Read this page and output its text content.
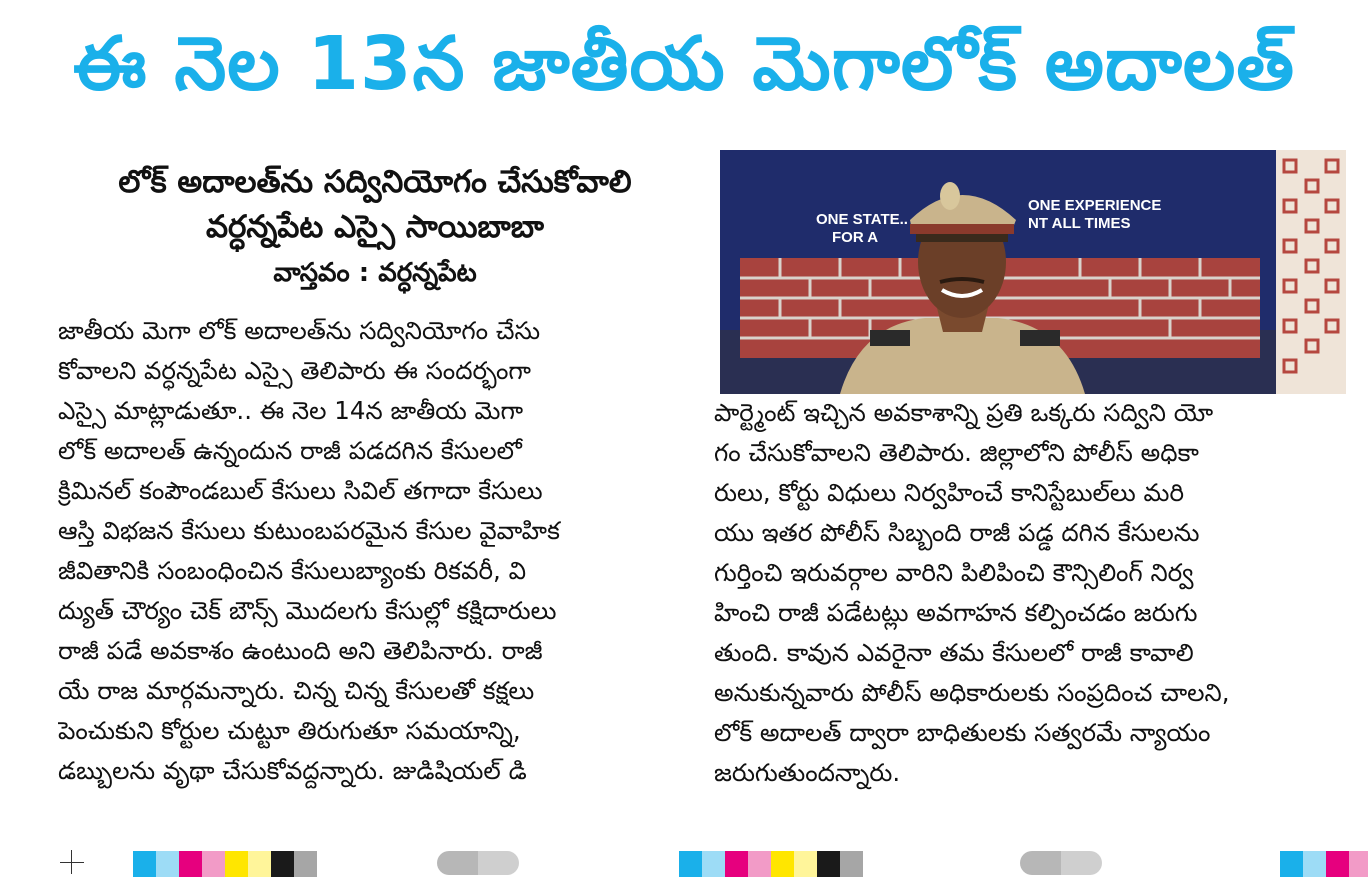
ఈ నెల 13న జాతీయ మెగాలోక్ అదాలత్
లోక్ అదాలత్‌ను సద్వినియోగం చేసుకోవాలి
వర్ధన్నపేట ఎస్సై సాయిబాబా
వాస్తవం : వర్ధన్నపేట
జాతీయ మెగా లోక్ అదాలత్‌ను సద్వినియోగం చేసు
కోవాలని వర్ధన్నపేట ఎస్సై తెలిపారు ఈ సందర్భంగా
ఎస్సై మాట్లాడుతూ.. ఈ నెల 14న జాతీయ మెగా
లోక్ అదాలత్ ఉన్నందున రాజీ పడదగిన కేసులలో
క్రిమినల్ కంపౌండబుల్ కేసులు సివిల్ తగాదా కేసులు
ఆస్తి విభజన కేసులు కుటుంబపరమైన కేసుల వైవాహిక
జీవితానికి సంబంధించిన కేసులుబ్యాంకు రికవరీ, వి
ద్యుత్ చౌర్యం చెక్ బౌన్స్ మొదలగు కేసుల్లో కక్షిదారులు
రాజీ పడే అవకాశం ఉంటుంది అని తెలిపినారు. రాజీ
యే రాజ మార్గమన్నారు. చిన్న చిన్న కేసులతో కక్షలు
పెంచుకుని కోర్టుల చుట్టూ తిరుగుతూ సమయాన్ని,
డబ్బులను వృథా చేసుకోవద్దన్నారు. జుడిషియల్ డి
ONE STATE..
ONE EXPERIENCE
FOR A
NT ALL TIMES
పార్ట్మెంట్ ఇచ్చిన అవకాశాన్ని ప్రతి ఒక్కరు సద్విని యో
గం చేసుకోవాలని తెలిపారు. జిల్లాలోని పోలీస్ అధికా
రులు, కోర్టు విధులు నిర్వహించే కానిస్టేబుల్‌లు మరి
యు ఇతర పోలీస్ సిబ్బంది రాజీ పడ్డ దగిన కేసులను
గుర్తించి ఇరువర్గాల వారిని పిలిపించి కౌన్సిలింగ్ నిర్వ
హించి రాజీ పడేటట్లు అవగాహన కల్పించడం జరుగు
తుంది. కావున ఎవరైనా తమ కేసులలో రాజీ కావాలి
అనుకున్నవారు పోలీస్ అధికారులకు సంప్రదించ చాలని,
లోక్ అదాలత్ ద్వారా బాధితులకు సత్వరమే న్యాయం
జరుగుతుందన్నారు.
